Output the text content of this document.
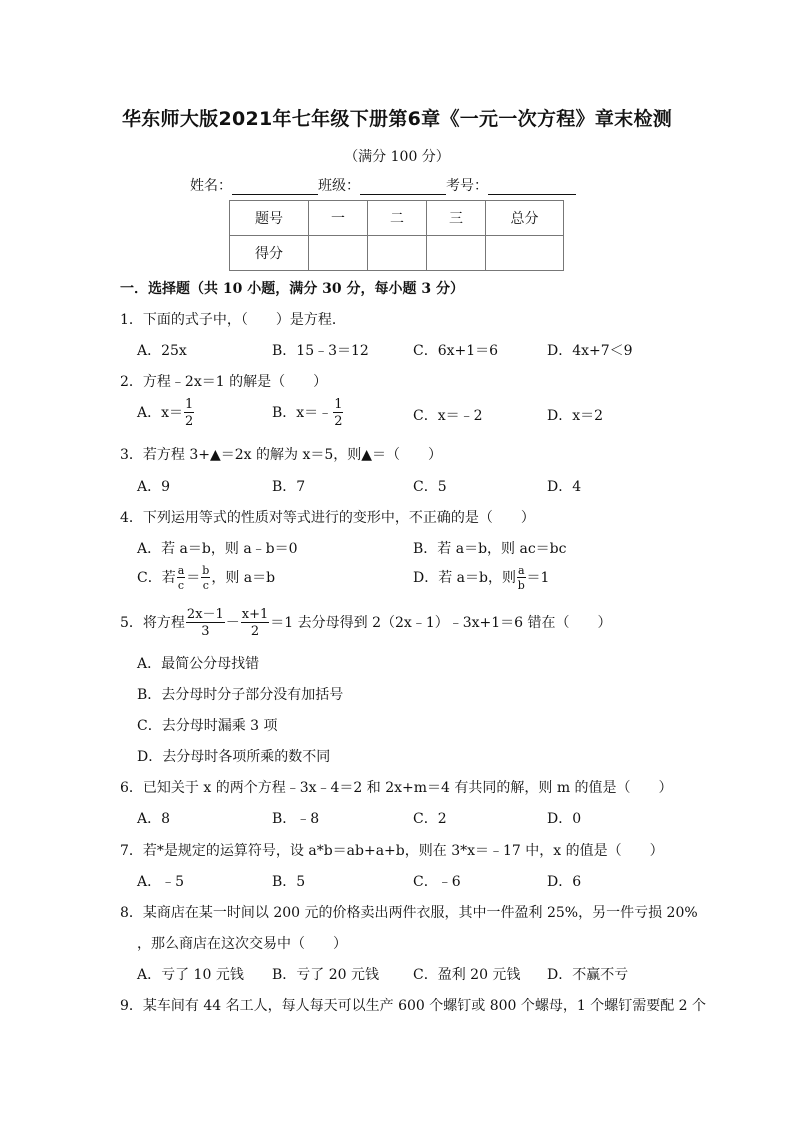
华东师大版2021年七年级下册第6章《一元一次方程》章末检测
（满分 100 分）
姓名：	班级：	考号：
题号	一	二	三	总分
得分				
一．选择题（共 10 小题，满分 30 分，每小题 3 分）
1．下面的式子中，（　　）是方程．
A．25x	B．15﹣3＝12	C．6x+1＝6	D．4x+7＜9
2．方程﹣2x＝1 的解是（　　）
A．$x= \frac{1}{2}$	B．x＝﹣ $\frac{1}{2}$	C．x＝﹣2	D．x＝2
3．若方程 3+▲＝2x 的解为 x＝5，则▲＝（　　）
A．9	B．7	C．5	D．4
4．下列运用等式的性质对等式进行的变形中，不正确的是（　　）
A．若 a＝b，则 a﹣b＝0	B．若 a＝b，则 ac＝bc
C．若 $\frac{a}{c} = \frac{b}{c}$ ，则 a＝b	D．若 a＝b，则 $\frac{a}{b} =1$
5．将方程 $\frac{2x-1}{3} - \frac{x+1}{2} =1$ 去分母得到 2（2x﹣1）﹣3x+1＝6 错在（　　）
A．最简公分母找错
B．去分母时分子部分没有加括号
C．去分母时漏乘 3 项
D．去分母时各项所乘的数不同
6．已知关于 x 的两个方程﹣3x﹣4＝2 和 2x+m＝4 有共同的解，则 m 的值是（　　）
A．8	B．﹣8	C．2	D．0
7．若*是规定的运算符号，设 a*b＝ab+a+b，则在 3*x＝﹣17 中，x 的值是（　　）
A．﹣5	B．5	C．﹣6	D．6
8．某商店在某一时间以 200 元的价格卖出两件衣服，其中一件盈利 25%，另一件亏损 20%
，那么商店在这次交易中（　　）
A．亏了 10 元钱 B．亏了 20 元钱 C．盈利 20 元钱 D．不赢不亏
9．某车间有 44 名工人，每人每天可以生产 600 个螺钉或 800 个螺母，1 个螺钉需要配 2 个
